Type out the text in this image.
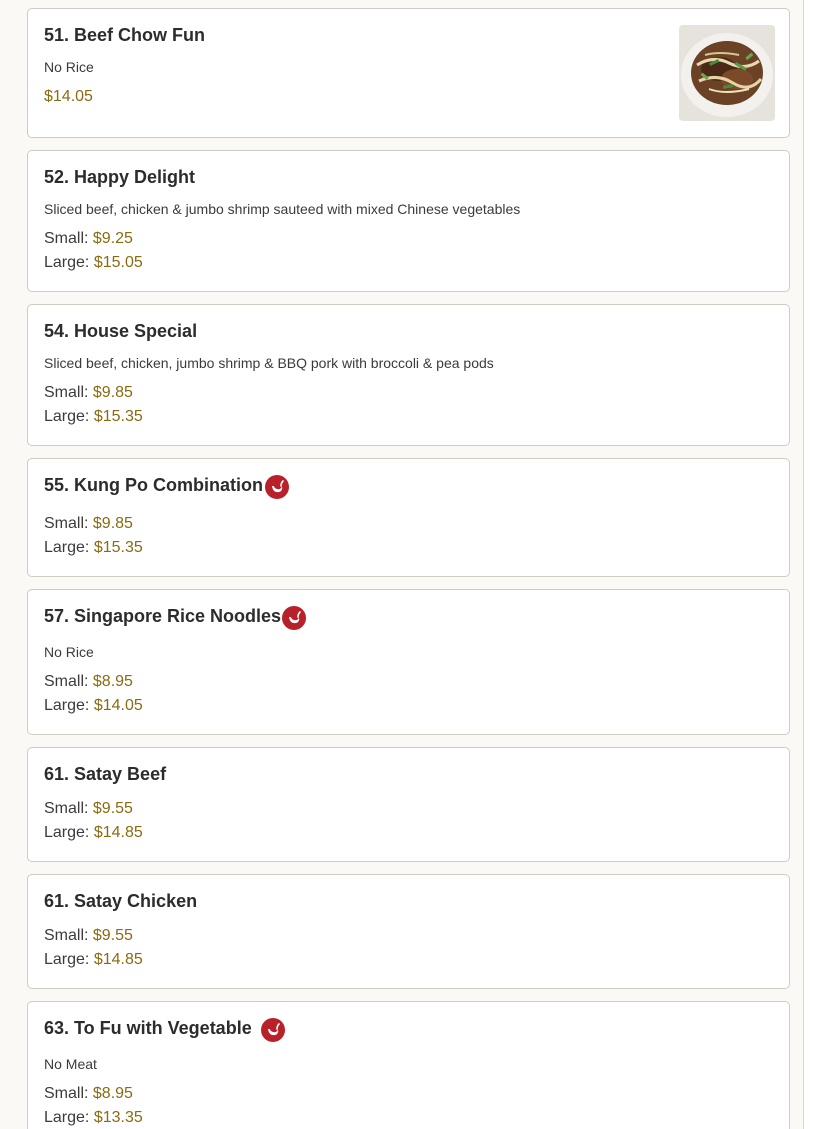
51. Beef Chow Fun
No Rice
$14.05
52. Happy Delight
Sliced beef, chicken & jumbo shrimp sauteed with mixed Chinese vegetables
Small: $9.25
Large: $15.05
54. House Special
Sliced beef, chicken, jumbo shrimp & BBQ pork with broccoli & pea pods
Small: $9.85
Large: $15.35
55. Kung Po Combination
Small: $9.85
Large: $15.35
57. Singapore Rice Noodles
No Rice
Small: $8.95
Large: $14.05
61. Satay Beef
Small: $9.55
Large: $14.85
61. Satay Chicken
Small: $9.55
Large: $14.85
63. To Fu with Vegetable
No Meat
Small: $8.95
Large: $13.35
